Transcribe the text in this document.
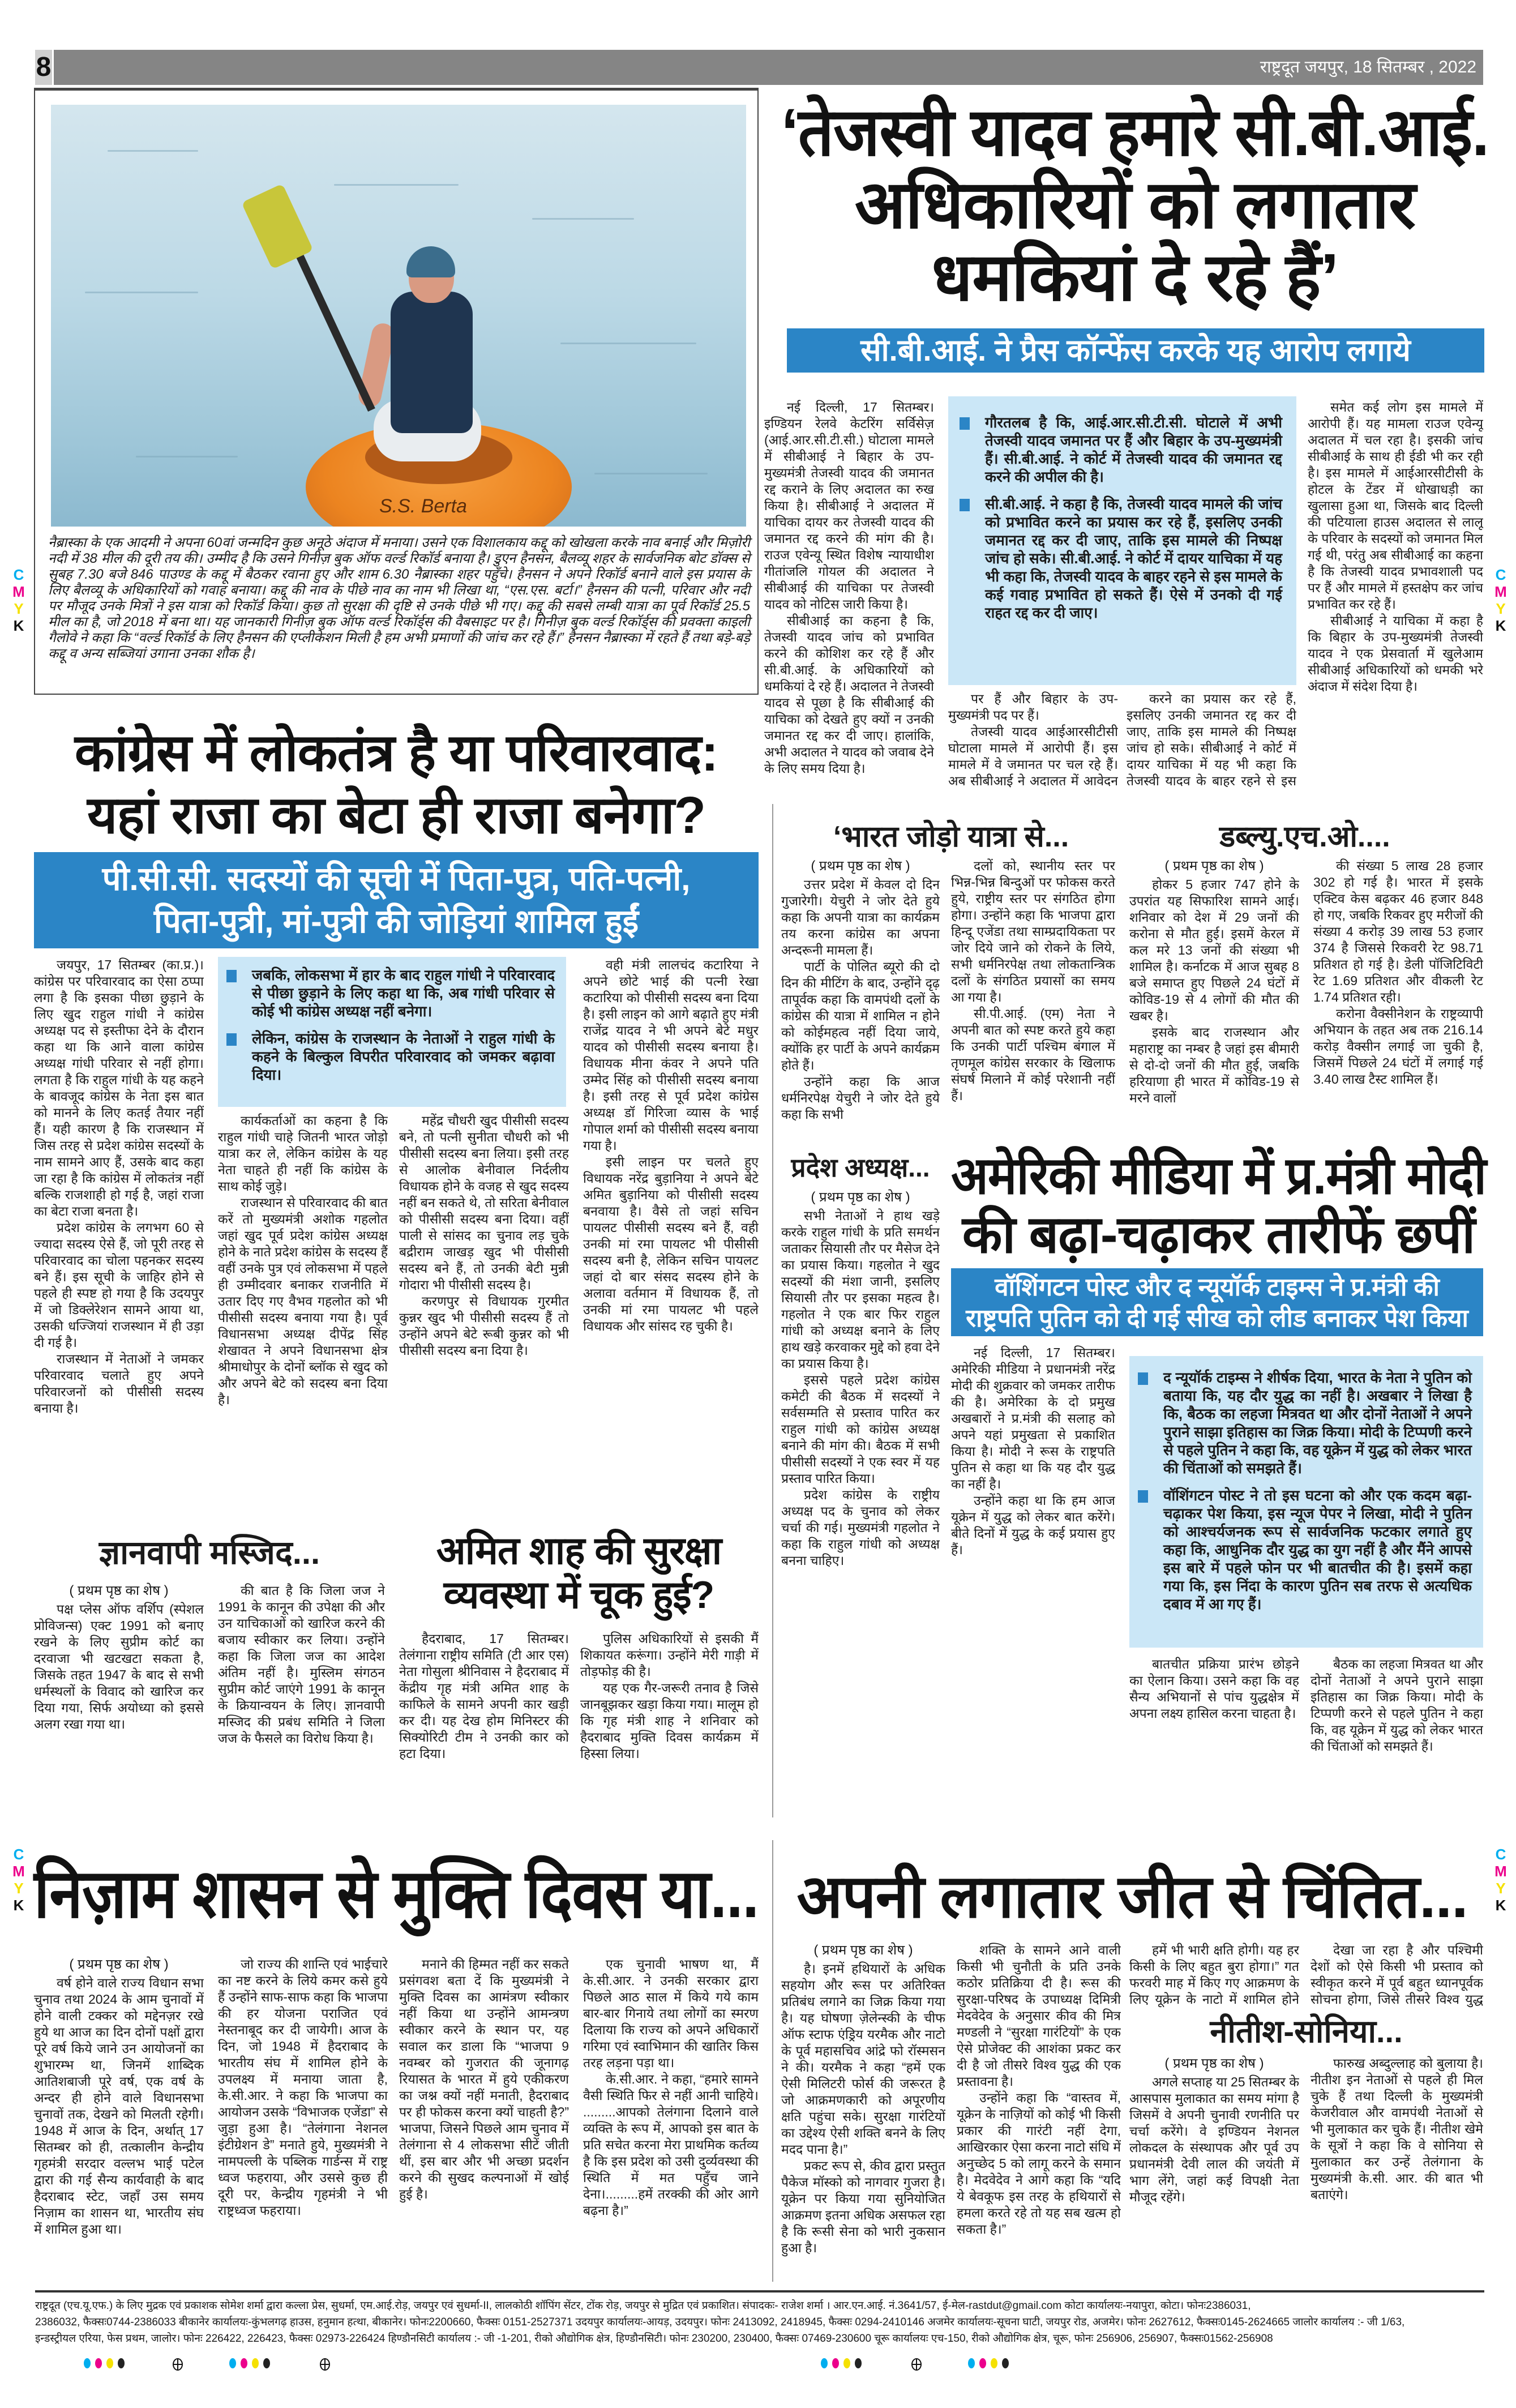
8	राष्ट्रदूत जयपुर, 18 सितम्बर , 2022
S.S. Berta
नैब्रास्का के एक आदमी ने अपना 60वां जन्मदिन कुछ अनूठे अंदाज में मनाया। उसने एक विशालकाय कद्दू को खोखला करके नाव बनाई और मिज़ोरी नदी में 38 मील की दूरी तय की। उम्मीद है कि उसने गिनीज़ बुक ऑफ वर्ल्ड रिकॉर्ड बनाया है। डुएन हैनसन, बैलव्यू शहर के सार्वजनिक बोट डॉक्स से सुबह 7.30 बजे 846 पाउण्ड के कद्दू में बैठकर रवाना हुए और शाम 6.30 नैब्रास्का शहर पहुँचे। हैनसन ने अपने रिकॉर्ड बनाने वाले इस प्रयास के लिए बैलव्यू के अधिकारियों को गवाह बनाया। कद्दू की नाव के पीछे नाव का नाम भी लिखा था, “एस.एस. बर्टा।” हैनसन की पत्नी, परिवार और नदी पर मौजूद उनके मित्रों ने इस यात्रा को रिकॉर्ड किया। कुछ तो सुरक्षा की दृष्टि से उनके पीछे भी गए। कद्दू की सबसे लम्बी यात्रा का पूर्व रिकॉर्ड 25.5 मील का है, जो 2018 में बना था। यह जानकारी गिनीज़ बुक ऑफ वर्ल्ड रिकॉर्ड्स की वैबसाइट पर है। गिनीज़ बुक वर्ल्ड रिकॉर्ड्स की प्रवक्ता काइली गैलोवे ने कहा कि “वर्ल्ड रिकॉर्ड के लिए हैनसन की एप्लीकेशन मिली है हम अभी प्रमाणों की जांच कर रहे हैं।” हैनसन नैब्रास्का में रहते हैं तथा बड़े-बड़े कद्दू व अन्य सब्जियां उगाना उनका शौक है।
‘तेजस्वी यादव हमारे सी.बी.आई.
अधिकारियों को लगातार
धमकियां दे रहे हैं’
सी.बी.आई. ने प्रैस कॉन्फेंस करके यह आरोप लगाये

नई दिल्ली, 17 सितम्बर। इण्डियन रेलवे केटरिंग सर्विसेज़ (आई.आर.सी.टी.सी.) घोटाला मामले में सीबीआई ने बिहार के उप-मुख्यमंत्री तेजस्वी यादव की जमानत रद्द कराने के लिए अदालत का रुख किया है। सीबीआई ने अदालत में याचिका दायर कर तेजस्वी यादव की जमानत रद्द करने की मांग की है। राउज एवेन्यू स्थित विशेष न्यायाधीश गीतांजलि गोयल की अदालत ने सीबीआई की याचिका पर तेजस्वी यादव को नोटिस जारी किया है।

सीबीआई का कहना है कि, तेजस्वी यादव जांच को प्रभावित करने की कोशिश कर रहे हैं और सी.बी.आई. के अधिकारियों को धमकियां दे रहे हैं। अदालत ने तेजस्वी यादव से पूछा है कि सीबीआई की याचिका को देखते हुए क्यों न उनकी जमानत रद्द कर दी जाए। हालांकि, अभी अदालत ने यादव को जवाब देने के लिए समय दिया है।

गौरतलब है कि, आई.आर.सी.टी.सी. घोटाले में अभी तेजस्वी यादव जमानत पर हैं और बिहार के उप-मुख्यमंत्री हैं। सी.बी.आई. ने कोर्ट में तेजस्वी यादव की जमानत रद्द करने की अपील की है।
सी.बी.आई. ने कहा है कि, तेजस्वी यादव मामले की जांच को प्रभावित करने का प्रयास कर रहे हैं, इसलिए उनकी जमानत रद्द कर दी जाए, ताकि इस मामले की निष्पक्ष जांच हो सके। सी.बी.आई. ने कोर्ट में दायर याचिका में यह भी कहा कि, तेजस्वी यादव के बाहर रहने से इस मामले के कई गवाह प्रभावित हो सकते हैं। ऐसे में उनको दी गई राहत रद्द कर दी जाए।

समेत कई लोग इस मामले में आरोपी हैं। यह मामला राउज एवेन्यू अदालत में चल रहा है। इसकी जांच सीबीआई के साथ ही ईडी भी कर रही है। इस मामले में आईआरसीटीसी के होटल के टेंडर में धोखाधड़ी का खुलासा हुआ था, जिसके बाद दिल्ली की पटियाला हाउस अदालत से लालू के परिवार के सदस्यों को जमानत मिल गई थी, परंतु अब सीबीआई का कहना है कि तेजस्वी यादव प्रभावशाली पद पर हैं और मामले में हस्तक्षेप कर जांच प्रभावित कर रहे हैं।

सीबीआई ने याचिका में कहा है कि बिहार के उप-मुख्यमंत्री तेजस्वी यादव ने एक प्रेसवार्ता में खुलेआम सीबीआई अधिकारियों को धमकी भरे अंदाज में संदेश दिया है।

पर हैं और बिहार के उप-मुख्यमंत्री पद पर हैं।

तेजस्वी यादव आईआरसीटीसी घोटाला मामले में आरोपी हैं। इस मामले में वे जमानत पर चल रहे हैं। अब सीबीआई ने अदालत में आवेदन

करने का प्रयास कर रहे हैं, इसलिए उनकी जमानत रद्द कर दी जाए, ताकि इस मामले की निष्पक्ष जांच हो सके। सीबीआई ने कोर्ट में दायर याचिका में यह भी कहा कि तेजस्वी यादव के बाहर रहने से इस

कांग्रेस में लोकतंत्र है या परिवारवाद:
यहां राजा का बेटा ही राजा बनेगा?
पी.सी.सी. सदस्यों की सूची में पिता-पुत्र, पति-पत्नी,
पिता-पुत्री, मां-पुत्री की जोड़ियां शामिल हुईं

जयपुर, 17 सितम्बर (का.प्र.)। कांग्रेस पर परिवारवाद का ऐसा ठप्पा लगा है कि इसका पीछा छुड़ाने के लिए खुद राहुल गांधी ने कांग्रेस अध्यक्ष पद से इस्तीफा देने के दौरान कहा था कि आने वाला कांग्रेस अध्यक्ष गांधी परिवार से नहीं होगा। लगता है कि राहुल गांधी के यह कहने के बावजूद कांग्रेस के नेता इस बात को मानने के लिए कतई तैयार नहीं हैं। यही कारण है कि राजस्थान में जिस तरह से प्रदेश कांग्रेस सदस्यों के नाम सामने आए हैं, उसके बाद कहा जा रहा है कि कांग्रेस में लोकतंत्र नहीं बल्कि राजशाही हो गई है, जहां राजा का बेटा राजा बनता है।

प्रदेश कांग्रेस के लगभग 60 से ज्यादा सदस्य ऐसे हैं, जो पूरी तरह से परिवारवाद का चोला पहनकर सदस्य बने हैं। इस सूची के जाहिर होने से पहले ही स्पष्ट हो गया है कि उदयपुर में जो डिक्लेरेशन सामने आया था, उसकी धज्जियां राजस्थान में ही उड़ा दी गई है।

राजस्थान में नेताओं ने जमकर परिवारवाद चलाते हुए अपने परिवारजनों को पीसीसी सदस्य बनाया है।

जबकि, लोकसभा में हार के बाद राहुल गांधी ने परिवारवाद से पीछा छुड़ाने के लिए कहा था कि, अब गांधी परिवार से कोई भी कांग्रेस अध्यक्ष नहीं बनेगा।
लेकिन, कांग्रेस के राजस्थान के नेताओं ने राहुल गांधी के कहने के बिल्कुल विपरीत परिवारवाद को जमकर बढ़ावा दिया।

कार्यकर्ताओं का कहना है कि राहुल गांधी चाहे जितनी भारत जोड़ो यात्रा कर ले, लेकिन कांग्रेस के यह नेता चाहते ही नहीं कि कांग्रेस के साथ कोई जुड़े।

राजस्थान से परिवारवाद की बात करें तो मुख्यमंत्री अशोक गहलोत जहां खुद पूर्व प्रदेश कांग्रेस अध्यक्ष होने के नाते प्रदेश कांग्रेस के सदस्य हैं वहीं उनके पुत्र एवं लोकसभा में पहले ही उम्मीदवार बनाकर राजनीति में उतार दिए गए वैभव गहलोत को भी पीसीसी सदस्य बनाया गया है। पूर्व विधानसभा अध्यक्ष दीपेंद्र सिंह शेखावत ने अपने विधानसभा क्षेत्र श्रीमाधोपुर के दोनों ब्लॉक से खुद को और अपने बेटे को सदस्य बना दिया है।

महेंद्र चौधरी खुद पीसीसी सदस्य बने, तो पत्नी सुनीता चौधरी को भी पीसीसी सदस्य बना लिया। इसी तरह से आलोक बेनीवाल निर्दलीय विधायक होने के वजह से खुद सदस्य नहीं बन सकते थे, तो सरिता बेनीवाल को पीसीसी सदस्य बना दिया। वहीं पाली से सांसद का चुनाव लड़ चुके बद्रीराम जाखड़ खुद भी पीसीसी सदस्य बने हैं, तो उनकी बेटी मुन्नी गोदारा भी पीसीसी सदस्य है।

करणपुर से विधायक गुरमीत कुन्नर खुद भी पीसीसी सदस्य हैं तो उन्होंने अपने बेटे रूबी कुन्नर को भी पीसीसी सदस्य बना दिया है।

वही मंत्री लालचंद कटारिया ने अपने छोटे भाई की पत्नी रेखा कटारिया को पीसीसी सदस्य बना दिया है। इसी लाइन को आगे बढ़ाते हुए मंत्री राजेंद्र यादव ने भी अपने बेटे मधुर यादव को पीसीसी सदस्य बनाया है। विधायक मीना कंवर ने अपने पति उम्मेद सिंह को पीसीसी सदस्य बनाया है। इसी तरह से पूर्व प्रदेश कांग्रेस अध्यक्ष डॉ गिरिजा व्यास के भाई गोपाल शर्मा को पीसीसी सदस्य बनाया गया है।

इसी लाइन पर चलते हुए विधायक नरेंद्र बुड़ानिया ने अपने बेटे अमित बुड़ानिया को पीसीसी सदस्य बनवाया है। वैसे तो जहां सचिन पायलट पीसीसी सदस्य बने हैं, वही उनकी मां रमा पायलट भी पीसीसी सदस्य बनी है, लेकिन सचिन पायलट जहां दो बार संसद सदस्य होने के अलावा वर्तमान में विधायक हैं, तो उनकी मां रमा पायलट भी पहले विधायक और सांसद रह चुकी है।

‘भारत जोड़ो यात्रा से...
( प्रथम पृष्ठ का शेष )

उत्तर प्रदेश में केवल दो दिन गुजारेगी। येचुरी ने जोर देते हुये कहा कि अपनी यात्रा का कार्यक्रम तय करना कांग्रेस का अपना अन्दरूनी मामला हैं।

पार्टी के पोलित ब्यूरो की दो दिन की मीटिंग के बाद, उन्होंने दृढ़ तापूर्वक कहा कि वामपंथी दलों के कांग्रेस की यात्रा में शामिल न होने को कोईमहत्व नहीं दिया जाये, क्योंकि हर पार्टी के अपने कार्यक्रम होते हैं।

उन्होंने कहा कि आज धर्मनिरपेक्ष येचुरी ने जोर देते हुये कहा कि सभी

दलों को, स्थानीय स्तर पर भिन्न-भिन्न बिन्दुओं पर फोकस करते हुये, राष्ट्रीय स्तर पर संगठित होगा होगा। उन्होंने कहा कि भाजपा द्वारा हिन्दू एजेंडा तथा साम्प्रदायिकता पर जोर दिये जाने को रोकने के लिये, सभी धर्मनिरपेक्ष तथा लोकतान्त्रिक दलों के संगठित प्रयासों का समय आ गया है।

सी.पी.आई. (एम) नेता ने अपनी बात को स्पष्ट करते हुये कहा कि उनकी पार्टी पश्चिम बंगाल में तृणमूल कांग्रेस सरकार के खिलाफ संघर्ष मिलाने में कोई परेशानी नहीं हैं।

डब्ल्यु.एच.ओ....
( प्रथम पृष्ठ का शेष )

होकर 5 हजार 747 होने के उपरांत यह सिफारिश सामने आई। शनिवार को देश में 29 जनों की करोना से मौत हुई। इसमें केरल में कल मरे 13 जनों की संख्या भी शामिल है। कर्नाटक में आज सुबह 8 बजे समाप्त हुए पिछले 24 घंटों में कोविड-19 से 4 लोगों की मौत की खबर है।

इसके बाद राजस्थान और महाराष्ट्र का नम्बर है जहां इस बीमारी से दो-दो जनों की मौत हुई, जबकि हरियाणा ही भारत में कोविड-19 से मरने वालों

की संख्या 5 लाख 28 हजार 302 हो गई है। भारत में इसके एक्टिव केस बढ़कर 46 हजार 848 हो गए, जबकि रिकवर हुए मरीजों की संख्या 4 करोड़ 39 लाख 53 हजार 374 है जिससे रिकवरी रेट 98.71 प्रतिशत हो गई है। डेली पॉजिटिविटी रेट 1.69 प्रतिशत और वीकली रेट 1.74 प्रतिशत रही।

करोना वैक्सीनेशन के राष्ट्रव्यापी अभियान के तहत अब तक 216.14 करोड़ वैक्सीन लगाई जा चुकी है, जिसमें पिछले 24 घंटों में लगाई गई 3.40 लाख टैस्ट शामिल हैं।

प्रदेश अध्यक्ष...
( प्रथम पृष्ठ का शेष )

सभी नेताओं ने हाथ खड़े करके राहुल गांधी के प्रति समर्थन जताकर सियासी तौर पर मैसेज देने का प्रयास किया। गहलोत ने खुद सदस्यों की मंशा जानी, इसलिए सियासी तौर पर इसका महत्व है। गहलोत ने एक बार फिर राहुल गांधी को अध्यक्ष बनाने के लिए हाथ खड़े करवाकर मुद्दे को हवा देने का प्रयास किया है।

इससे पहले प्रदेश कांग्रेस कमेटी की बैठक में सदस्यों ने सर्वसम्मति से प्रस्ताव पारित कर राहुल गांधी को कांग्रेस अध्यक्ष बनाने की मांग की। बैठक में सभी पीसीसी सदस्यों ने एक स्वर में यह प्रस्ताव पारित किया।

प्रदेश कांग्रेस के राष्ट्रीय अध्यक्ष पद के चुनाव को लेकर चर्चा की गई। मुख्यमंत्री गहलोत ने कहा कि राहुल गांधी को अध्यक्ष बनना चाहिए।

अमेरिकी मीडिया में प्र.मंत्री मोदी
की बढ़ा-चढ़ाकर तारीफें छपीं
वॉशिंगटन पोस्ट और द न्यूयॉर्क टाइम्स ने प्र.मंत्री की
राष्ट्रपति पुतिन को दी गई सीख को लीड बनाकर पेश किया

नई दिल्ली, 17 सितम्बर। अमेरिकी मीडिया ने प्रधानमंत्री नरेंद्र मोदी की शुक्रवार को जमकर तारीफ की है। अमेरिका के दो प्रमुख अखबारों ने प्र.मंत्री की सलाह को अपने यहां प्रमुखता से प्रकाशित किया है। मोदी ने रूस के राष्ट्रपति पुतिन से कहा था कि यह दौर युद्ध का नहीं है।

उन्होंने कहा था कि हम आज यूक्रेन में युद्ध को लेकर बात करेंगे। बीते दिनों में युद्ध के कई प्रयास हुए हैं।

द न्यूयॉर्क टाइम्स ने शीर्षक दिया, भारत के नेता ने पुतिन को बताया कि, यह दौर युद्ध का नहीं है। अखबार ने लिखा है कि, बैठक का लहजा मित्रवत था और दोनों नेताओं ने अपने पुराने साझा इतिहास का जिक्र किया। मोदी के टिप्पणी करने से पहले पुतिन ने कहा कि, वह यूक्रेन में युद्ध को लेकर भारत की चिंताओं को समझते हैं।
वॉशिंगटन पोस्ट ने तो इस घटना को और एक कदम बढ़ा-चढ़ाकर पेश किया, इस न्यूज पेपर ने लिखा, मोदी ने पुतिन को आश्चर्यजनक रूप से सार्वजनिक फटकार लगाते हुए कहा कि, आधुनिक दौर युद्ध का युग नहीं है और मैंने आपसे इस बारे में पहले फोन पर भी बातचीत की है। इसमें कहा गया कि, इस निंदा के कारण पुतिन सब तरफ से अत्यधिक दबाव में आ गए हैं।

बातचीत प्रक्रिया प्रारंभ छोड़ने का ऐलान किया। उसने कहा कि वह सैन्य अभियानों से पांच युद्धक्षेत्र में अपना लक्ष्य हासिल करना चाहता है।

बैठक का लहजा मित्रवत था और दोनों नेताओं ने अपने पुराने साझा इतिहास का जिक्र किया। मोदी के टिप्पणी करने से पहले पुतिन ने कहा कि, वह यूक्रेन में युद्ध को लेकर भारत की चिंताओं को समझते हैं।

ज्ञानवापी मस्जिद...
( प्रथम पृष्ठ का शेष )

पक्ष प्लेस ऑफ वर्शिप (स्पेशल प्रोविजन्स) एक्ट 1991 को बनाए रखने के लिए सुप्रीम कोर्ट का दरवाजा भी खटखटा सकता है, जिसके तहत 1947 के बाद से सभी धर्मस्थलों के विवाद को खारिज कर दिया गया, सिर्फ अयोध्या को इससे अलग रखा गया था।

की बात है कि जिला जज ने 1991 के कानून की उपेक्षा की और उन याचिकाओं को खारिज करने की बजाय स्वीकार कर लिया। उन्होंने कहा कि जिला जज का आदेश अंतिम नहीं है। मुस्लिम संगठन सुप्रीम कोर्ट जाएंगे 1991 के कानून के क्रियान्वयन के लिए। ज्ञानवापी मस्जिद की प्रबंध समिति ने जिला जज के फैसले का विरोध किया है।

अमित शाह की सुरक्षा
व्यवस्था में चूक हुई?

हैदराबाद, 17 सितम्बर। तेलंगाना राष्ट्रीय समिति (टी आर एस) नेता गोसुला श्रीनिवास ने हैदराबाद में केंद्रीय गृह मंत्री अमित शाह के काफिले के सामने अपनी कार खड़ी कर दी। यह देख होम मिनिस्टर की सिक्योरिटी टीम ने उनकी कार को हटा दिया।

पुलिस अधिकारियों से इसकी मैं शिकायत करूंगा। उन्होंने मेरी गाड़ी में तोड़फोड़ की है।

यह एक गैर-जरूरी तनाव है जिसे जानबूझकर खड़ा किया गया। मालूम हो कि गृह मंत्री शाह ने शनिवार को हैदराबाद मुक्ति दिवस कार्यक्रम में हिस्सा लिया।

निज़ाम शासन से मुक्ति दिवस या...
( प्रथम पृष्ठ का शेष )

वर्ष होने वाले राज्य विधान सभा चुनाव तथा 2024 के आम चुनावों में होने वाली टक्कर को मद्देनज़र रखे हुये था आज का दिन दोनों पक्षों द्वारा पूरे वर्ष किये जाने उन आयोजनों का शुभारम्भ था, जिनमें शाब्दिक आतिशबाजी पूरे वर्ष, एक वर्ष के अन्दर ही होने वाले विधानसभा चुनावों तक, देखने को मिलती रहेगी। 1948 में आज के दिन, अर्थात् 17 सितम्बर को ही, तत्कालीन केन्द्रीय गृहमंत्री सरदार वल्लभ भाई पटेल द्वारा की गई सैन्य कार्यवाही के बाद हैदराबाद स्टेट, जहाँ उस समय निज़ाम का शासन था, भारतीय संघ में शामिल हुआ था।

जो राज्य की शान्ति एवं भाईचारे का नष्ट करने के लिये कमर कसे हुये हैं उन्होंने साफ-साफ कहा कि भाजपा की हर योजना पराजित एवं नेस्तनाबूद कर दी जायेगी। आज के दिन, जो 1948 में हैदराबाद के भारतीय संघ में शामिल होने के उपलक्ष्य में मनाया जाता है, के.सी.आर. ने कहा कि भाजपा का आयोजन उसके “विभाजक एजेंडा” से जुड़ा हुआ है। “तेलंगाना नेशनल इंटीग्रेशन डे” मनाते हुये, मुख्यमंत्री ने नामपल्ली के पब्लिक गार्डन्स में राष्ट्र ध्वज फहराया, और उससे कुछ ही दूरी पर, केन्द्रीय गृहमंत्री ने भी राष्ट्रध्वज फहराया।

मनाने की हिम्मत नहीं कर सकते प्रसंगवश बता दें कि मुख्यमंत्री ने मुक्ति दिवस का आमंत्रण स्वीकार नहीं किया था उन्होंने आमन्त्रण स्वीकार करने के स्थान पर, यह सवाल कर डाला कि “भाजपा 9 नवम्बर को गुजरात की जूनागढ़ रियासत के भारत में हुये एकीकरण का जश्न क्यों नहीं मनाती, हैदराबाद पर ही फोकस करना क्यों चाहती है?” भाजपा, जिसने पिछले आम चुनाव में तेलंगाना से 4 लोकसभा सीटें जीती थीं, इस बार और भी अच्छा प्रदर्शन करने की सुखद कल्पनाओं में खोई हुई है।

एक चुनावी भाषण था, मैं के.सी.आर. ने उनकी सरकार द्वारा पिछले आठ साल में किये गये काम बार-बार गिनाये तथा लोगों का स्मरण दिलाया कि राज्य को अपने अधिकारों गरिमा एवं स्वाभिमान की खातिर किस तरह लड़ना पड़ा था।

के.सी.आर. ने कहा, “हमारे सामने वैसी स्थिति फिर से नहीं आनी चाहिये। .........आपको तेलंगाना दिलाने वाले व्यक्ति के रूप में, आपको इस बात के प्रति सचेत करना मेरा प्राथमिक कर्तव्य है कि इस प्रदेश को उसी दुर्व्यवस्था की स्थिति में मत पहुँच जाने देना।.........हमें तरक्की की ओर आगे बढ़ना है।”

अपनी लगातार जीत से चिंतित...
( प्रथम पृष्ठ का शेष )

है। इनमें हथियारों के अधिक सहयोग और रूस पर अतिरिक्त प्रतिबंध लगाने का जिक्र किया गया है। यह घोषणा ज़ेलेन्स्की के चीफ ऑफ स्टाफ एंड्रिय यरमैक और नाटो के पूर्व महासचिव आंद्रे फो रॉस्मसन ने की। यरमैक ने कहा “हमें एक ऐसी मिलिटरी फोर्स की जरूरत है जो आक्रमणकारी को अपूरणीय क्षति पहुंचा सके। सुरक्षा गारंटियों का उद्देश्य ऐसी शक्ति बनने के लिए मदद पाना है।”

प्रकट रूप से, कीव द्वारा प्रस्तुत पैकेज मॉस्को को नागवार गुजरा है। यूक्रेन पर किया गया सुनियोजित आक्रमण इतना अधिक असफल रहा है कि रूसी सेना को भारी नुकसान हुआ है।

शक्ति के सामने आने वाली किसी भी चुनौती के प्रति उनके कठोर प्रतिक्रिया दी है। रूस की सुरक्षा-परिषद के उपाध्यक्ष दिमित्री मेदवेदेव के अनुसार कीव की मित्र मण्डली ने “सुरक्षा गारंटियों” के एक ऐसे प्रोजेक्ट की आशंका प्रकट कर दी है जो तीसरे विश्व युद्ध की एक प्रस्तावना है।

उन्होंने कहा कि “वास्तव में, यूक्रेन के नाज़ियों को कोई भी किसी प्रकार की गारंटी नहीं देगा, आखिरकार ऐसा करना नाटो संधि में अनुच्छेद 5 को लागू करने के समान है। मेदवेदेव ने आगे कहा कि “यदि ये बेवकूफ इस तरह के हथियारों से हमला करते रहे तो यह सब खत्म हो सकता है।”

हमें भी भारी क्षति होगी। यह हर किसी के लिए बहुत बुरा होगा।” गत फरवरी माह में किए गए आक्रमण के लिए यूक्रेन के नाटो में शामिल होने

देखा जा रहा है और पश्चिमी देशों को ऐसे किसी भी प्रस्ताव को स्वीकृत करने में पूर्व बहुत ध्यानपूर्वक सोचना होगा, जिसे तीसरे विश्व युद्ध

नीतीश-सोनिया...
( प्रथम पृष्ठ का शेष )

अगले सप्ताह या 25 सितम्बर के आसपास मुलाकात का समय मांगा है जिसमें वे अपनी चुनावी रणनीति पर चर्चा करेंगे। वे इण्डियन नेशनल लोकदल के संस्थापक और पूर्व उप प्रधानमंत्री देवी लाल की जयंती में भाग लेंगे, जहां कई विपक्षी नेता मौजूद रहेंगे।

फारुख अब्दुल्लाह को बुलाया है। नीतीश इन नेताओं से पहले ही मिल चुके हैं तथा दिल्ली के मुख्यमंत्री केजरीवाल और वामपंथी नेताओं से भी मुलाकात कर चुके हैं। नीतीश खेमे के सूत्रों ने कहा कि वे सोनिया से मुलाकात कर उन्हें तेलंगाना के मुख्यमंत्री के.सी. आर. की बात भी बताएंगे।

C
M
Y
K
C
M
Y
K
C
M
Y
K
C
M
Y
K
राष्ट्रदूत (एच.यू.एफ.) के लिए मुद्रक एवं प्रकाशक सोमेश शर्मा द्वारा कल्ला प्रेस, सुधर्मा, एम.आई.रोड़, जयपुर एवं सुधर्मा-II, लालकोठी शॉपिंग सेंटर, टोंक रोड़, जयपुर से मुद्रित एवं प्रकाशित। संपादकः- राजेश शर्मा । आर.एन.आई. नं.3641/57, ई-मेल-rastdut@gmail.com कोटा कार्यालयः-नयापुरा, कोटा। फोनः2386031,
2386032, फैक्सः0744-2386033 बीकानेर कार्यालयः-कुंभलगढ़ हाउस, हनुमान हत्था, बीकानेर। फोनः2200660, फैक्सः 0151-2527371 उदयपुर कार्यालयः-आयड़, उदयपुर। फोनः 2413092, 2418945, फैक्सः 0294-2410146 अजमेर कार्यालयः-सूचना घाटी, जयपुर रोड, अजमेर। फोनः 2627612, फैक्सः0145-2624665 जालोर कार्यालय :- जी 1/63,
इन्डस्ट्रीयल एरिया, फेस प्रथम, जालोर। फोनः 226422, 226423, फैक्सः 02973-226424 हिण्डौनसिटी कार्यालय :- जी -1-201, रीको औद्योगिक क्षेत्र, हिण्डौनसिटी। फोनः 230200, 230400, फैक्सः 07469-230600 चूरू कार्यालयः एच-150, रीको औद्योगिक क्षेत्र, चूरू, फोनः 256906, 256907, फैक्सः01562-256908
